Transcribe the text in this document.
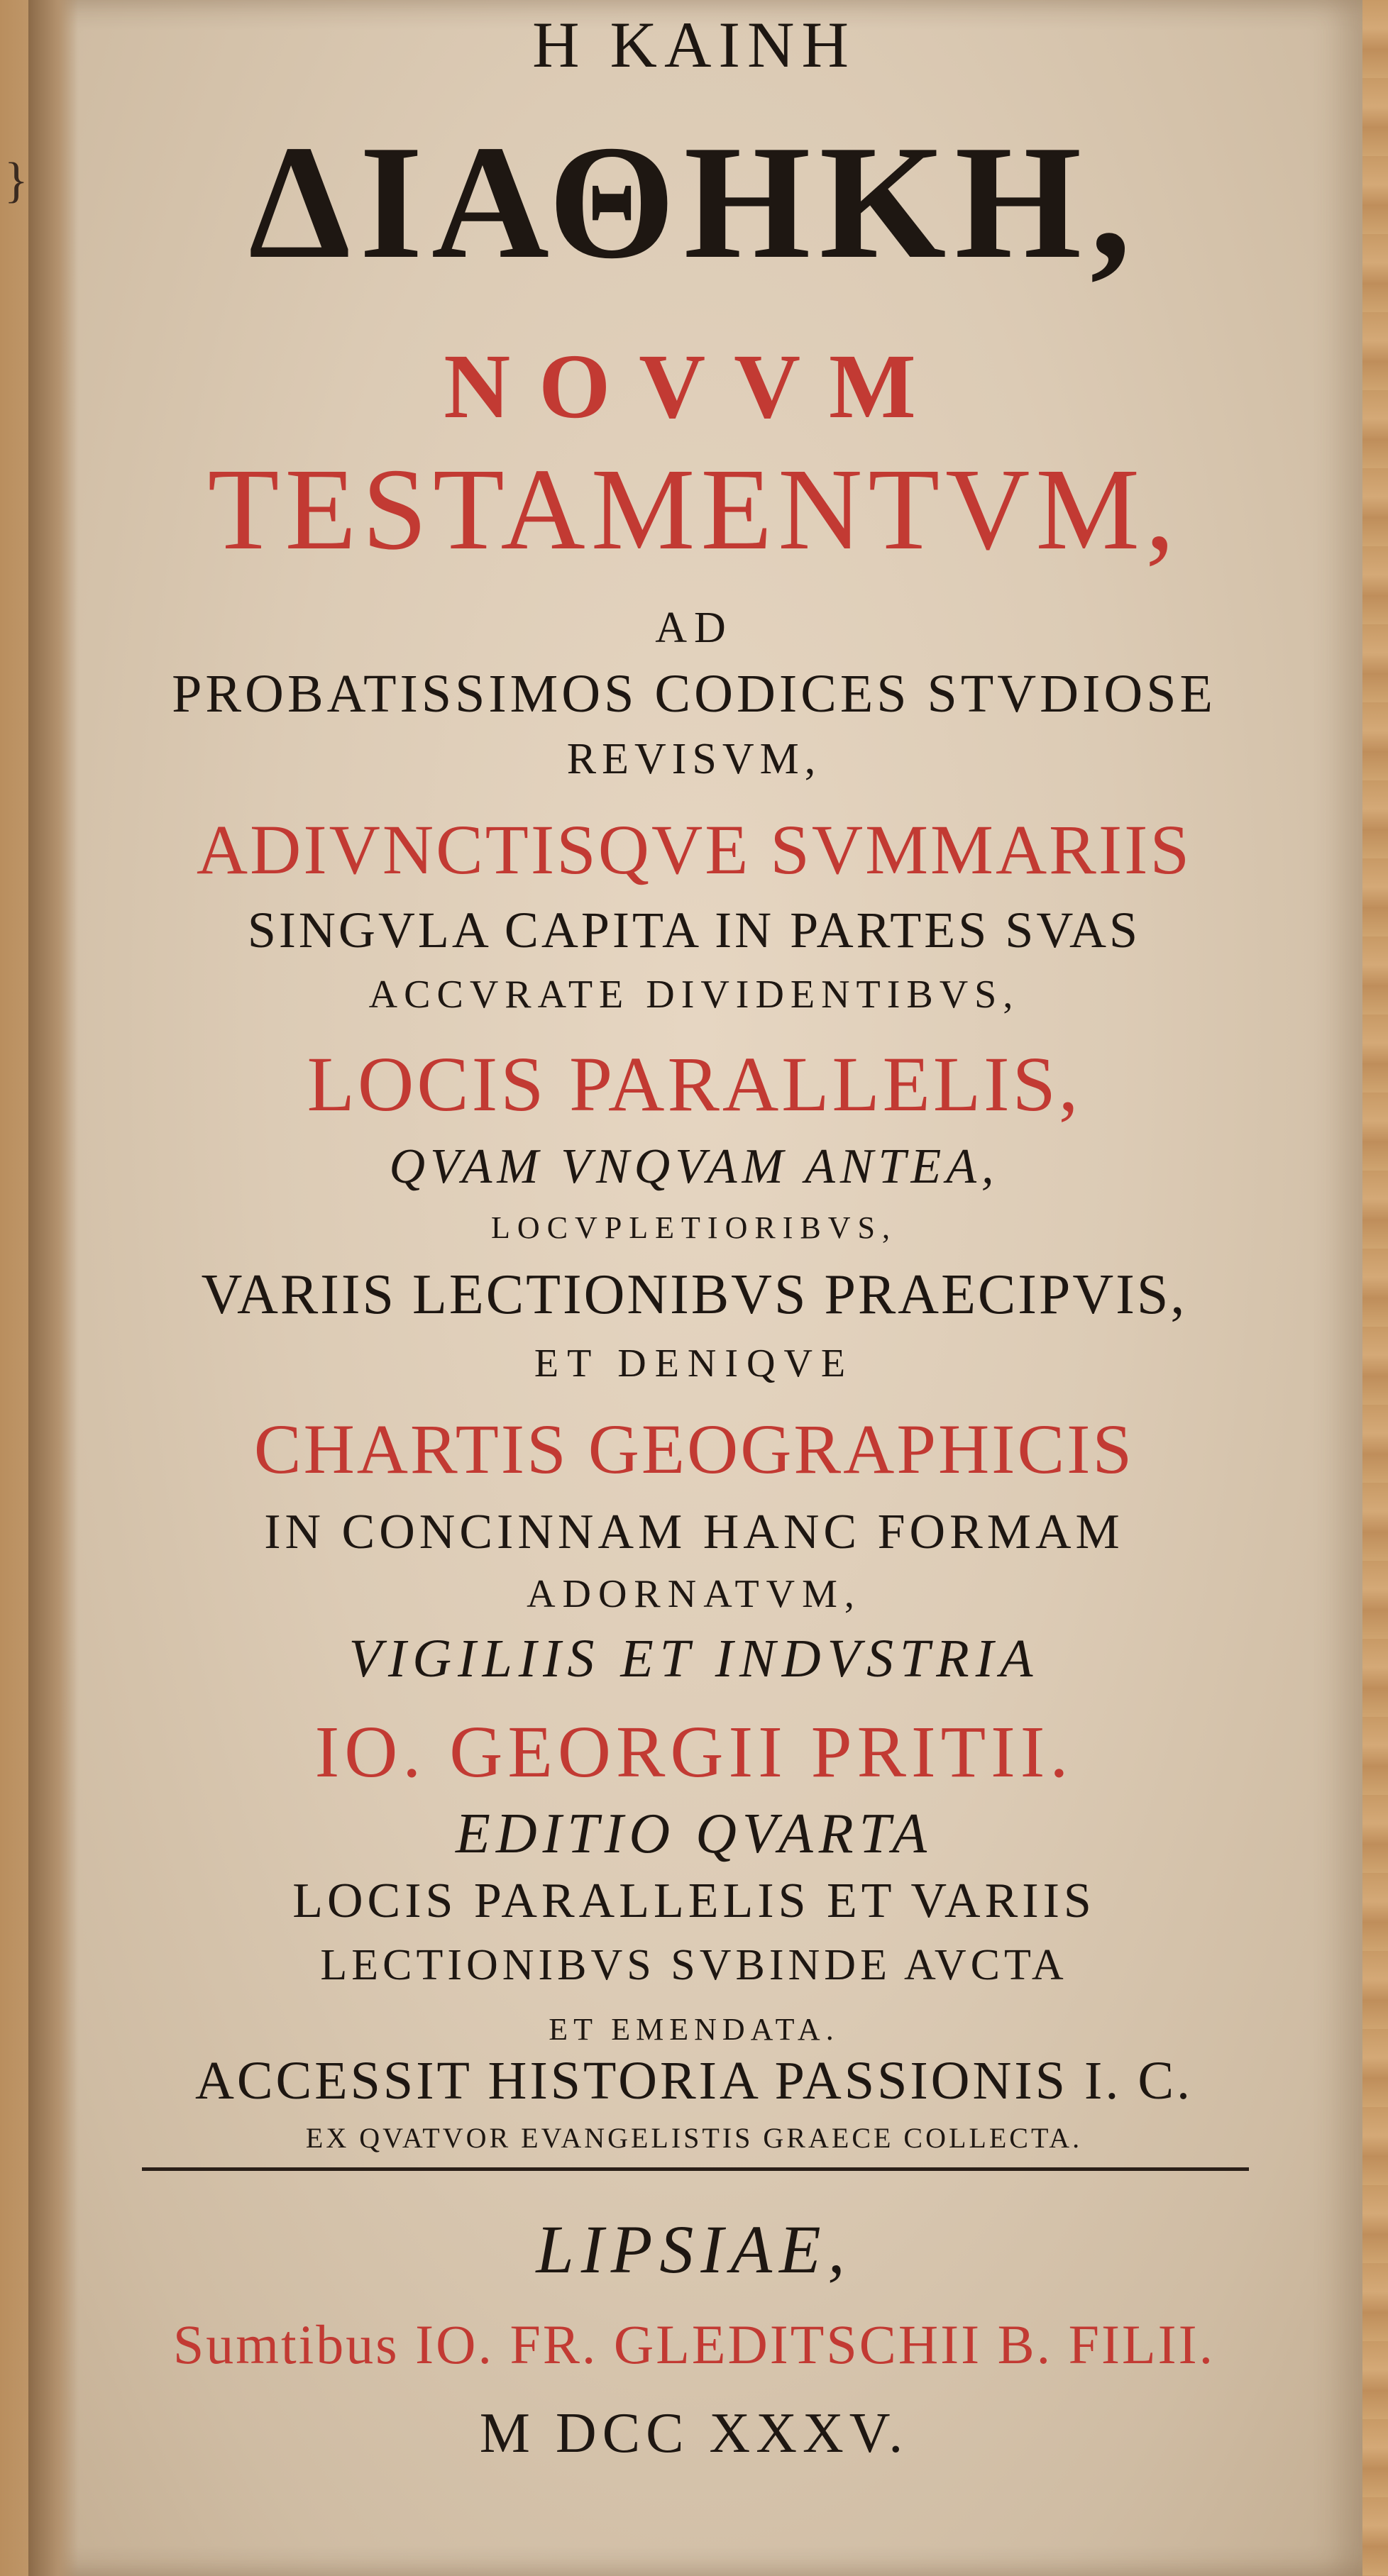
}
Η ΚΑΙΝΗ
ΔΙΑΘΗΚΗ,
NOVVM
TESTAMENTVM,
AD
PROBATISSIMOS CODICES STVDIOSE
REVISVM,
ADIVNCTISQVE SVMMARIIS
SINGVLA CAPITA IN PARTES SVAS
ACCVRATE DIVIDENTIBVS,
LOCIS PARALLELIS,
QVAM VNQVAM ANTEA,
LOCVPLETIORIBVS,
VARIIS LECTIONIBVS PRAECIPVIS,
ET DENIQVE
CHARTIS GEOGRAPHICIS
IN CONCINNAM HANC FORMAM
ADORNATVM,
VIGILIIS ET INDVSTRIA
IO. GEORGII PRITII.
EDITIO QVARTA
LOCIS PARALLELIS ET VARIIS
LECTIONIBVS SVBINDE AVCTA
ET EMENDATA.
ACCESSIT HISTORIA PASSIONIS I. C.
EX QVATVOR EVANGELISTIS GRAECE COLLECTA.
LIPSIAE,
Sumtibus IO. FR. GLEDITSCHII B. FILII.
M DCC XXXV.
